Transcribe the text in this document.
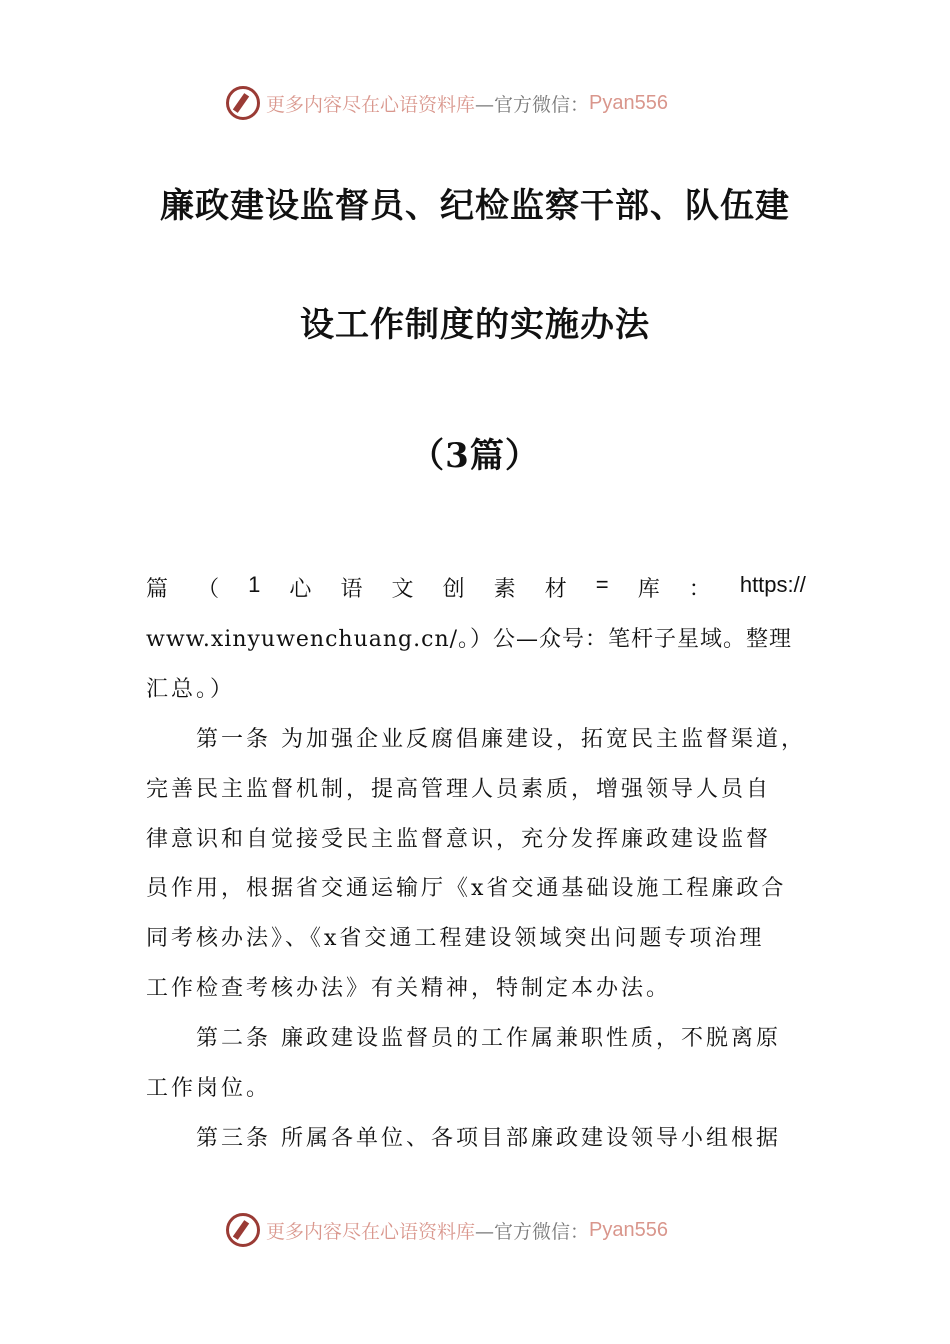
更多内容尽在心语资料库 —官方微信： Pyan556
廉政建设监督员、纪检监察干部、队伍建
设工作制度的实施办法
（3篇）
篇 （ 1 心 语 文 创 素 材 = 库 ： https://
www.xinyuwenchuang.cn/。）公—众号：笔杆子星域。整理
汇总。）
　　第一条 为加强企业反腐倡廉建设，拓宽民主监督渠道，
完善民主监督机制，提高管理人员素质，增强领导人员自
律意识和自觉接受民主监督意识，充分发挥廉政建设监督
员作用，根据省交通运输厅《x省交通基础设施工程廉政合
同考核办法》、《x省交通工程建设领域突出问题专项治理
工作检查考核办法》有关精神，特制定本办法。
　　第二条 廉政建设监督员的工作属兼职性质，不脱离原
工作岗位。
　　第三条 所属各单位、各项目部廉政建设领导小组根据
更多内容尽在心语资料库 —官方微信： Pyan556
